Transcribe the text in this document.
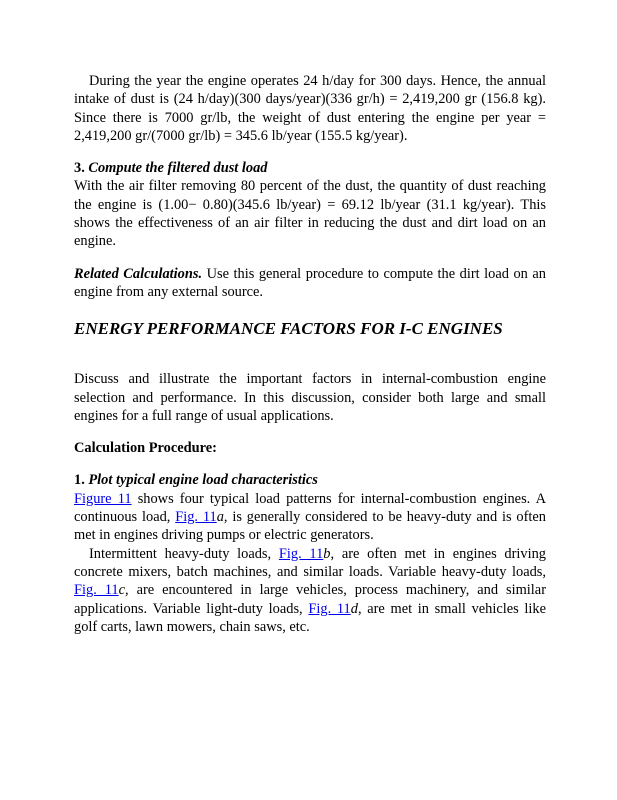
During the year the engine operates 24 h/day for 300 days. Hence, the annual intake of dust is (24 h/day)(300 days/year)(336 gr/h) = 2,419,200 gr (156.8 kg). Since there is 7000 gr/lb, the weight of dust entering the engine per year = 2,419,200 gr/(7000 gr/lb) = 345.6 lb/year (155.5 kg/year).

3. Compute the filtered dust load

With the air filter removing 80 percent of the dust, the quantity of dust reaching the engine is (1.00− 0.80)(345.6 lb/year) = 69.12 lb/year (31.1 kg/year). This shows the effectiveness of an air filter in reducing the dust and dirt load on an engine.

Related Calculations. Use this general procedure to compute the dirt load on an engine from any external source.

ENERGY PERFORMANCE FACTORS FOR I-C ENGINES

Discuss and illustrate the important factors in internal-combustion engine selection and performance. In this discussion, consider both large and small engines for a full range of usual applications.

Calculation Procedure:

1. Plot typical engine load characteristics

Figure 11 shows four typical load patterns for internal-combustion engines. A continuous load, Fig. 11a, is generally considered to be heavy-duty and is often met in engines driving pumps or electric generators.

Intermittent heavy-duty loads, Fig. 11b, are often met in engines driving concrete mixers, batch machines, and similar loads. Variable heavy-duty loads, Fig. 11c, are encountered in large vehicles, process machinery, and similar applications. Variable light-duty loads, Fig. 11d, are met in small vehicles like golf carts, lawn mowers, chain saws, etc.
